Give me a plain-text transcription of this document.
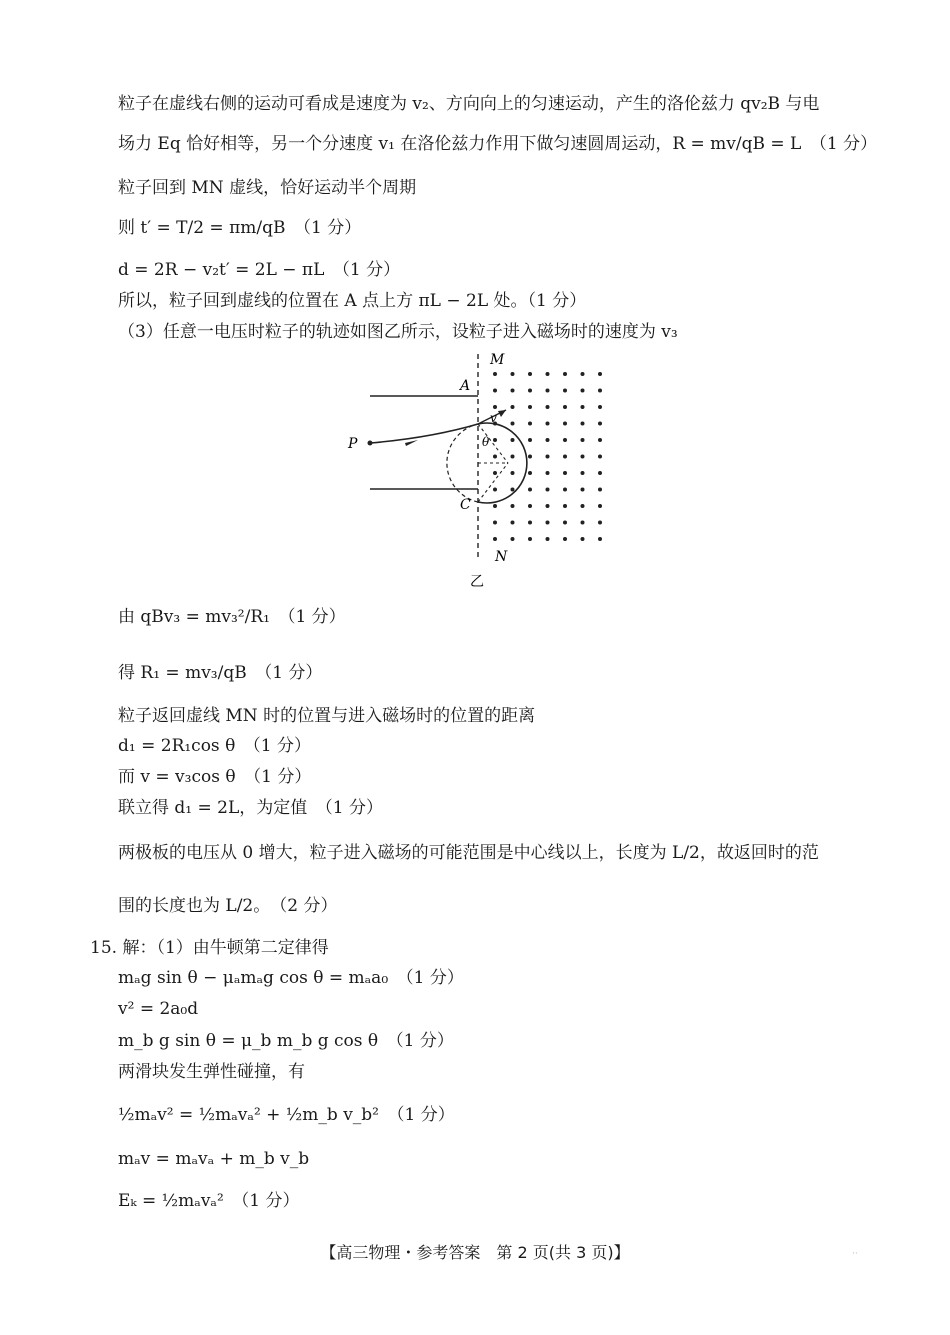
粒子在虚线右侧的运动可看成是速度为 v₂、方向向上的匀速运动，产生的洛伦兹力 qv₂B 与电
场力 Eq 恰好相等，另一个分速度 v₁ 在洛伦兹力作用下做匀速圆周运动，R = mv/qB = L　（1 分）
粒子回到 MN 虚线，恰好运动半个周期
则 t′ = T/2 = πm/qB　（1 分）
d = 2R − v₂t′ = 2L − πL　（1 分）
所以，粒子回到虚线的位置在 A 点上方 πL − 2L 处。（1 分）
（3）任意一电压时粒子的轨迹如图乙所示，设粒子进入磁场时的速度为 v₃
A
M
N
C
P	θ
v
乙
由 qBv₃ = mv₃²/R₁　（1 分）
得 R₁ = mv₃/qB　（1 分）
粒子返回虚线 MN 时的位置与进入磁场时的位置的距离
d₁ = 2R₁cos θ　（1 分）
而 v = v₃cos θ　（1 分）
联立得 d₁ = 2L，为定值　（1 分）
两极板的电压从 0 增大，粒子进入磁场的可能范围是中心线以上，长度为 L/2，故返回时的范
围的长度也为 L/2。　（2 分）
15. 解：（1）由牛顿第二定律得
mₐg sin θ − μₐmₐg cos θ = mₐa₀　（1 分）
v² = 2a₀d
m_b g sin θ = μ_b m_b g cos θ　（1 分）
两滑块发生弹性碰撞，有
½mₐv² = ½mₐvₐ² + ½m_b v_b²　（1 分）
mₐv = mₐvₐ + m_b v_b
Eₖ = ½mₐvₐ²　（1 分）
【高三物理・参考答案　第 2 页(共 3 页)】	··
